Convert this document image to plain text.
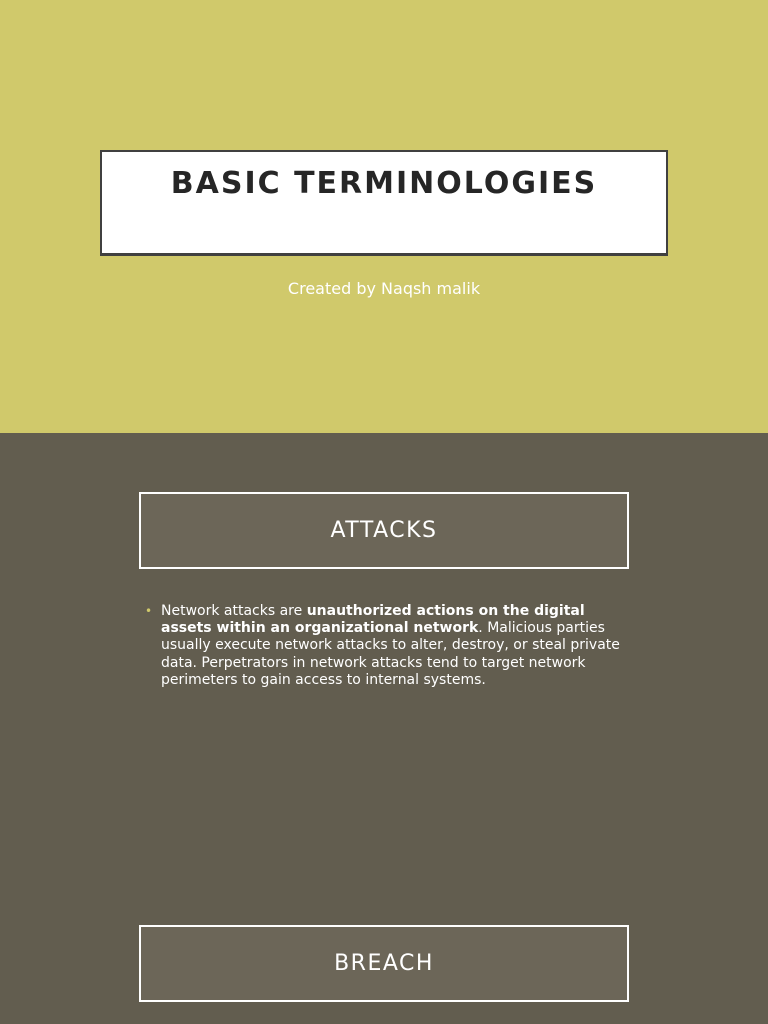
BASIC TERMINOLOGIES
Created by Naqsh malik
ATTACKS
• Network attacks are unauthorized actions on the digital assets within an organizational network. Malicious parties usually execute network attacks to alter, destroy, or steal private data. Perpetrators in network attacks tend to target network perimeters to gain access to internal systems.
BREACH
